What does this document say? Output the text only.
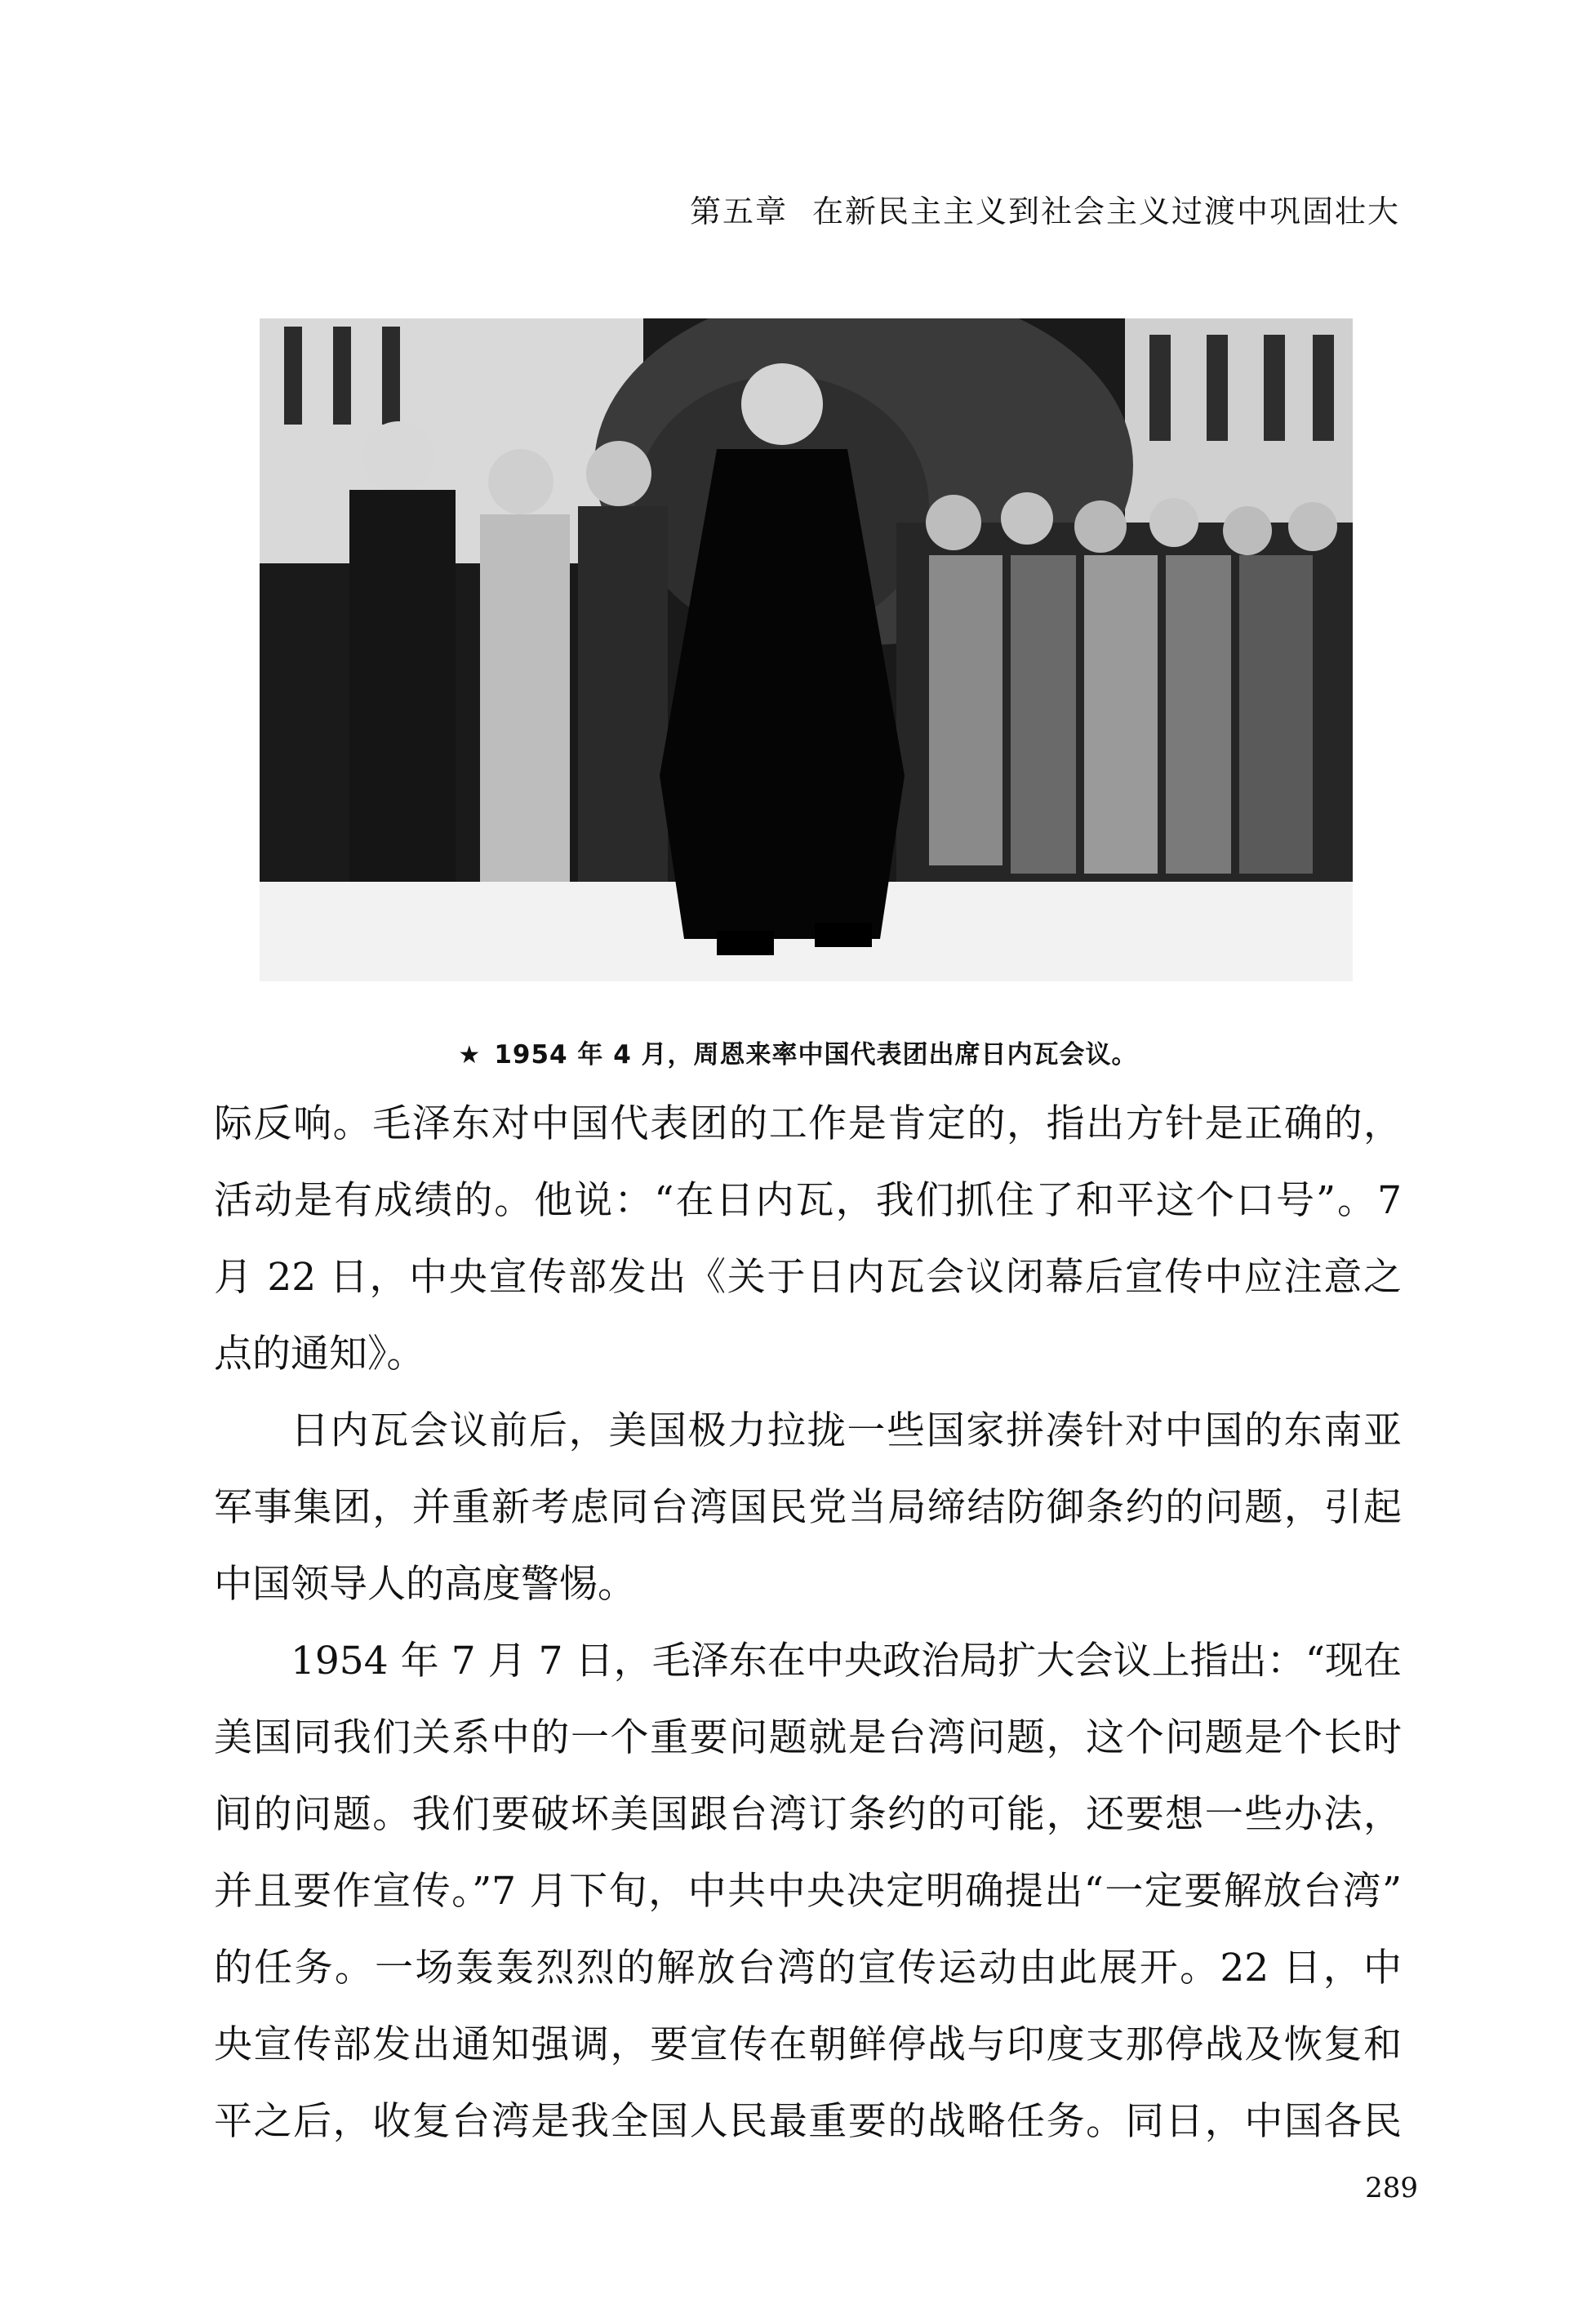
第五章 在新民主主义到社会主义过渡中巩固壮大
★ 1954 年 4 月，周恩来率中国代表团出席日内瓦会议。
际反响。毛泽东对中国代表团的工作是肯定的，指出方针是正确的，
活动是有成绩的。他说：“在日内瓦，我们抓住了和平这个口号”。7
月 22 日，中央宣传部发出《关于日内瓦会议闭幕后宣传中应注意之
点的通知》。
日内瓦会议前后，美国极力拉拢一些国家拼凑针对中国的东南亚
军事集团，并重新考虑同台湾国民党当局缔结防御条约的问题，引起
中国领导人的高度警惕。
1954 年 7 月 7 日，毛泽东在中央政治局扩大会议上指出：“现在
美国同我们关系中的一个重要问题就是台湾问题，这个问题是个长时
间的问题。我们要破坏美国跟台湾订条约的可能，还要想一些办法，
并且要作宣传。”7 月下旬，中共中央决定明确提出“一定要解放台湾”
的任务。一场轰轰烈烈的解放台湾的宣传运动由此展开。22 日，中
央宣传部发出通知强调，要宣传在朝鲜停战与印度支那停战及恢复和
平之后，收复台湾是我全国人民最重要的战略任务。同日，中国各民
289
